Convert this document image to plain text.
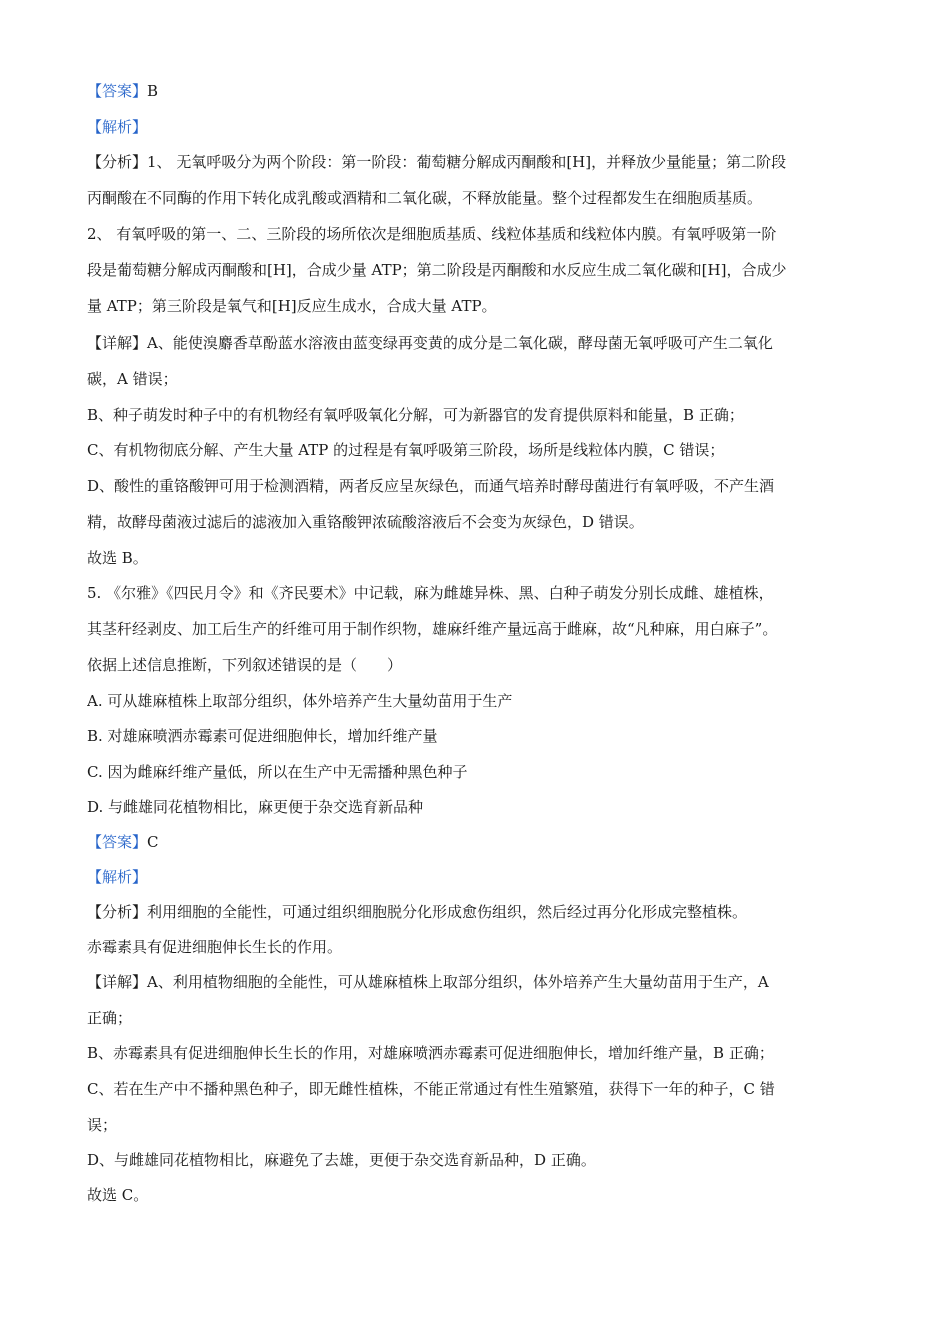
【答案】B
【解析】
【分析】1、 无氧呼吸分为两个阶段：第一阶段：葡萄糖分解成丙酮酸和[H]，并释放少量能量；第二阶段
丙酮酸在不同酶的作用下转化成乳酸或酒精和二氧化碳，不释放能量。整个过程都发生在细胞质基质。
2、 有氧呼吸的第一、二、三阶段的场所依次是细胞质基质、线粒体基质和线粒体内膜。有氧呼吸第一阶
段是葡萄糖分解成丙酮酸和[H]，合成少量 ATP；第二阶段是丙酮酸和水反应生成二氧化碳和[H]，合成少
量 ATP；第三阶段是氧气和[H]反应生成水，合成大量 ATP。
【详解】A、能使溴麝香草酚蓝水溶液由蓝变绿再变黄的成分是二氧化碳，酵母菌无氧呼吸可产生二氧化
碳，A 错误；
B、种子萌发时种子中的有机物经有氧呼吸氧化分解，可为新器官的发育提供原料和能量，B 正确；
C、有机物彻底分解、产生大量 ATP 的过程是有氧呼吸第三阶段，场所是线粒体内膜，C 错误；
D、酸性的重铬酸钾可用于检测酒精，两者反应呈灰绿色，而通气培养时酵母菌进行有氧呼吸，不产生酒
精，故酵母菌液过滤后的滤液加入重铬酸钾浓硫酸溶液后不会变为灰绿色，D 错误。
故选 B。
5. 《尔雅》《四民月令》和《齐民要术》中记载，麻为雌雄异株、黑、白种子萌发分别长成雌、雄植株，
其茎秆经剥皮、加工后生产的纤维可用于制作织物，雄麻纤维产量远高于雌麻，故“凡种麻，用白麻子”。
依据上述信息推断，下列叙述错误的是（　　）
A. 可从雄麻植株上取部分组织，体外培养产生大量幼苗用于生产
B. 对雄麻喷洒赤霉素可促进细胞伸长，增加纤维产量
C. 因为雌麻纤维产量低，所以在生产中无需播种黑色种子
D. 与雌雄同花植物相比，麻更便于杂交选育新品种
【答案】C
【解析】
【分析】利用细胞的全能性，可通过组织细胞脱分化形成愈伤组织，然后经过再分化形成完整植株。
赤霉素具有促进细胞伸长生长的作用。
【详解】A、利用植物细胞的全能性，可从雄麻植株上取部分组织，体外培养产生大量幼苗用于生产，A
正确；
B、赤霉素具有促进细胞伸长生长的作用，对雄麻喷洒赤霉素可促进细胞伸长，增加纤维产量，B 正确；
C、若在生产中不播种黑色种子，即无雌性植株，不能正常通过有性生殖繁殖，获得下一年的种子，C 错
误；
D、与雌雄同花植物相比，麻避免了去雄，更便于杂交选育新品种，D 正确。
故选 C。
